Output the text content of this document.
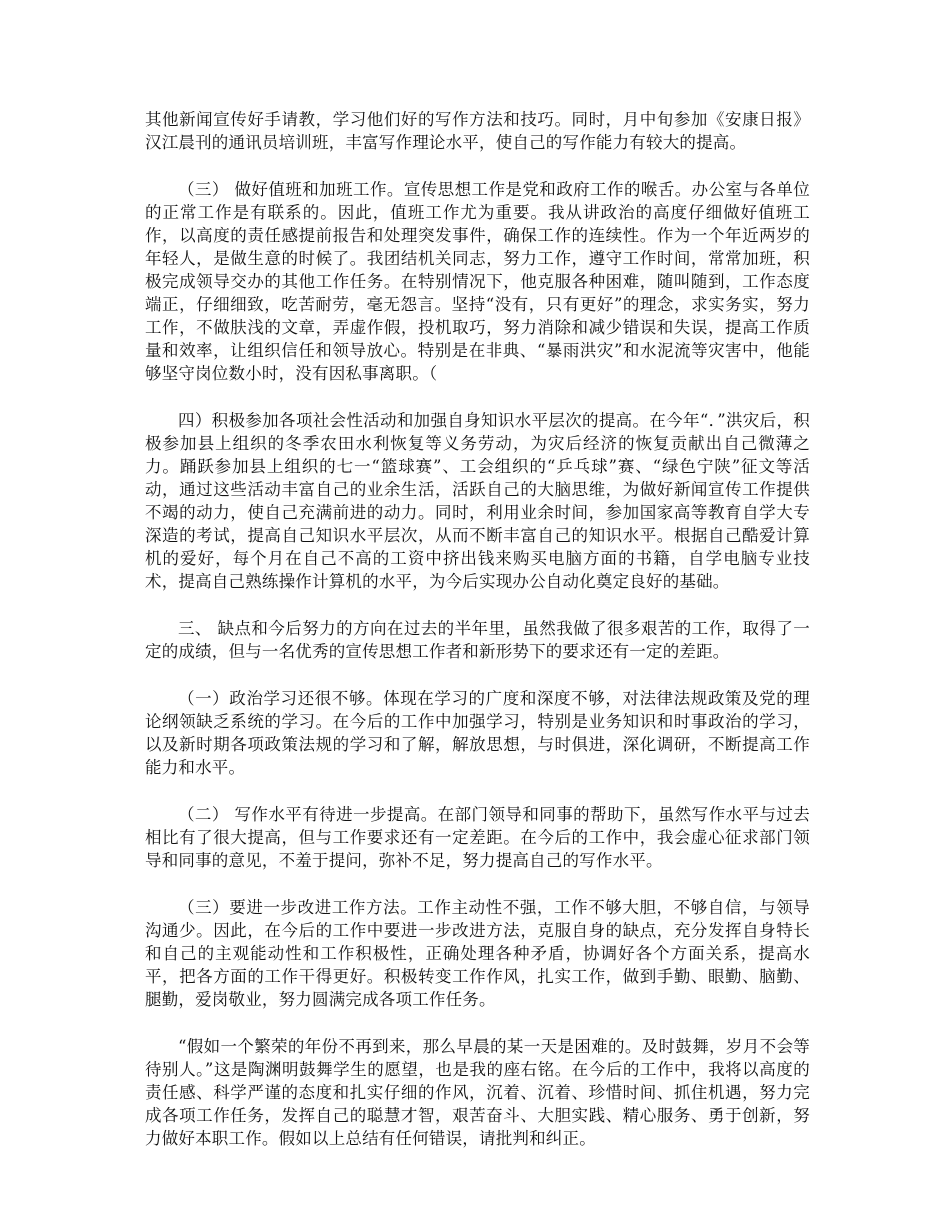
其他新闻宣传好手请教，学习他们好的写作方法和技巧。同时，月中旬参加《安康日报》汉江晨刊的通讯员培训班，丰富写作理论水平，使自己的写作能力有较大的提高。

（三） 做好值班和加班工作。宣传思想工作是党和政府工作的喉舌。办公室与各单位的正常工作是有联系的。因此，值班工作尤为重要。我从讲政治的高度仔细做好值班工作，以高度的责任感提前报告和处理突发事件，确保工作的连续性。作为一个年近两岁的年轻人，是做生意的时候了。我团结机关同志，努力工作，遵守工作时间，常常加班，积极完成领导交办的其他工作任务。在特别情况下，他克服各种困难，随叫随到，工作态度端正，仔细细致，吃苦耐劳，毫无怨言。坚持“没有，只有更好”的理念，求实务实，努力工作，不做肤浅的文章，弄虚作假，投机取巧，努力消除和减少错误和失误，提高工作质量和效率，让组织信任和领导放心。特别是在非典、“暴雨洪灾”和水泥流等灾害中，他能够坚守岗位数小时，没有因私事离职。（

四）积极参加各项社会性活动和加强自身知识水平层次的提高。在今年“．”洪灾后，积极参加县上组织的冬季农田水利恢复等义务劳动，为灾后经济的恢复贡献出自己微薄之力。踊跃参加县上组织的七一“篮球赛”、工会组织的“乒乓球”赛、“绿色宁陕”征文等活动，通过这些活动丰富自己的业余生活，活跃自己的大脑思维，为做好新闻宣传工作提供不竭的动力，使自己充满前进的动力。同时，利用业余时间，参加国家高等教育自学大专深造的考试，提高自己知识水平层次，从而不断丰富自己的知识水平。根据自己酷爱计算机的爱好，每个月在自己不高的工资中挤出钱来购买电脑方面的书籍，自学电脑专业技术，提高自己熟练操作计算机的水平，为今后实现办公自动化奠定良好的基础。

三、 缺点和今后努力的方向在过去的半年里，虽然我做了很多艰苦的工作，取得了一定的成绩，但与一名优秀的宣传思想工作者和新形势下的要求还有一定的差距。

（一）政治学习还很不够。体现在学习的广度和深度不够，对法律法规政策及党的理论纲领缺乏系统的学习。在今后的工作中加强学习，特别是业务知识和时事政治的学习，以及新时期各项政策法规的学习和了解，解放思想，与时俱进，深化调研，不断提高工作能力和水平。

（二） 写作水平有待进一步提高。在部门领导和同事的帮助下，虽然写作水平与过去相比有了很大提高，但与工作要求还有一定差距。在今后的工作中，我会虚心征求部门领导和同事的意见，不羞于提问，弥补不足，努力提高自己的写作水平。

（三）要进一步改进工作方法。工作主动性不强，工作不够大胆，不够自信，与领导沟通少。因此，在今后的工作中要进一步改进方法，克服自身的缺点，充分发挥自身特长和自己的主观能动性和工作积极性，正确处理各种矛盾，协调好各个方面关系，提高水平，把各方面的工作干得更好。积极转变工作作风，扎实工作，做到手勤、眼勤、脑勤、腿勤，爱岗敬业，努力圆满完成各项工作任务。

“假如一个繁荣的年份不再到来，那么早晨的某一天是困难的。及时鼓舞，岁月不会等待别人。”这是陶渊明鼓舞学生的愿望，也是我的座右铭。在今后的工作中，我将以高度的责任感、科学严谨的态度和扎实仔细的作风，沉着、沉着、珍惜时间、抓住机遇，努力完成各项工作任务，发挥自己的聪慧才智，艰苦奋斗、大胆实践、精心服务、勇于创新，努力做好本职工作。假如以上总结有任何错误，请批判和纠正。
